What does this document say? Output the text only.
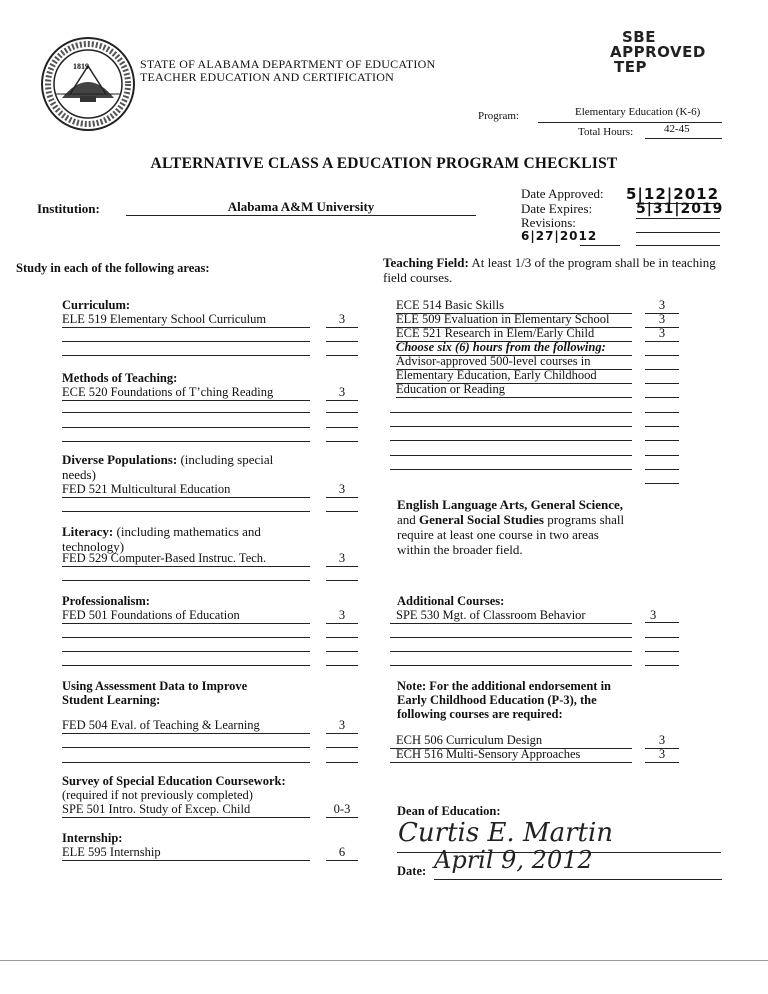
1819	STATE OF ALABAMA DEPARTMENT OF EDUCATION
TEACHER EDUCATION AND CERTIFICATION
SBE
APPROVED
TEP
Program:	Elementary Education (K-6)
Total Hours:	42-45
ALTERNATIVE CLASS A EDUCATION PROGRAM CHECKLIST
Institution:	Alabama A&M University
Date Approved: 5|12|2012
Date Expires:	5|31|2019
Revisions:
6|27|2012
Study in each of the following areas:
Curriculum:
ELE 519 Elementary School Curriculum	3
Methods of Teaching:
ECE 520 Foundations of T’ching Reading	3
Diverse Populations: (including special
needs)
FED 521 Multicultural Education	3
Literacy: (including mathematics and
technology)
FED 529 Computer-Based Instruc. Tech.	3
Professionalism:
FED 501 Foundations of Education	3
Using Assessment Data to Improve
Student Learning:
FED 504 Eval. of Teaching & Learning	3
Survey of Special Education Coursework:
(required if not previously completed)
SPE 501 Intro. Study of Excep. Child	0-3
Internship:
ELE 595 Internship	6
Teaching Field: At least 1/3 of the program shall be in teaching
field courses.
ECE 514 Basic Skills	3
ELE 509 Evaluation in Elementary School	3
ECE 521 Research in Elem/Early Child	3
Choose six (6) hours from the following:
Advisor-approved 500-level courses in
Elementary Education, Early Childhood
Education or Reading
English Language Arts, General Science,
and General Social Studies programs shall
require at least one course in two areas
within the broader field.
Additional Courses:
SPE 530 Mgt. of Classroom Behavior	3
Note: For the additional endorsement in
Early Childhood Education (P-3), the
following courses are required:
ECH 506 Curriculum Design	3
ECH 516 Multi-Sensory Approaches	3
Dean of Education:
Curtis E. Martin
Date: April 9, 2012
